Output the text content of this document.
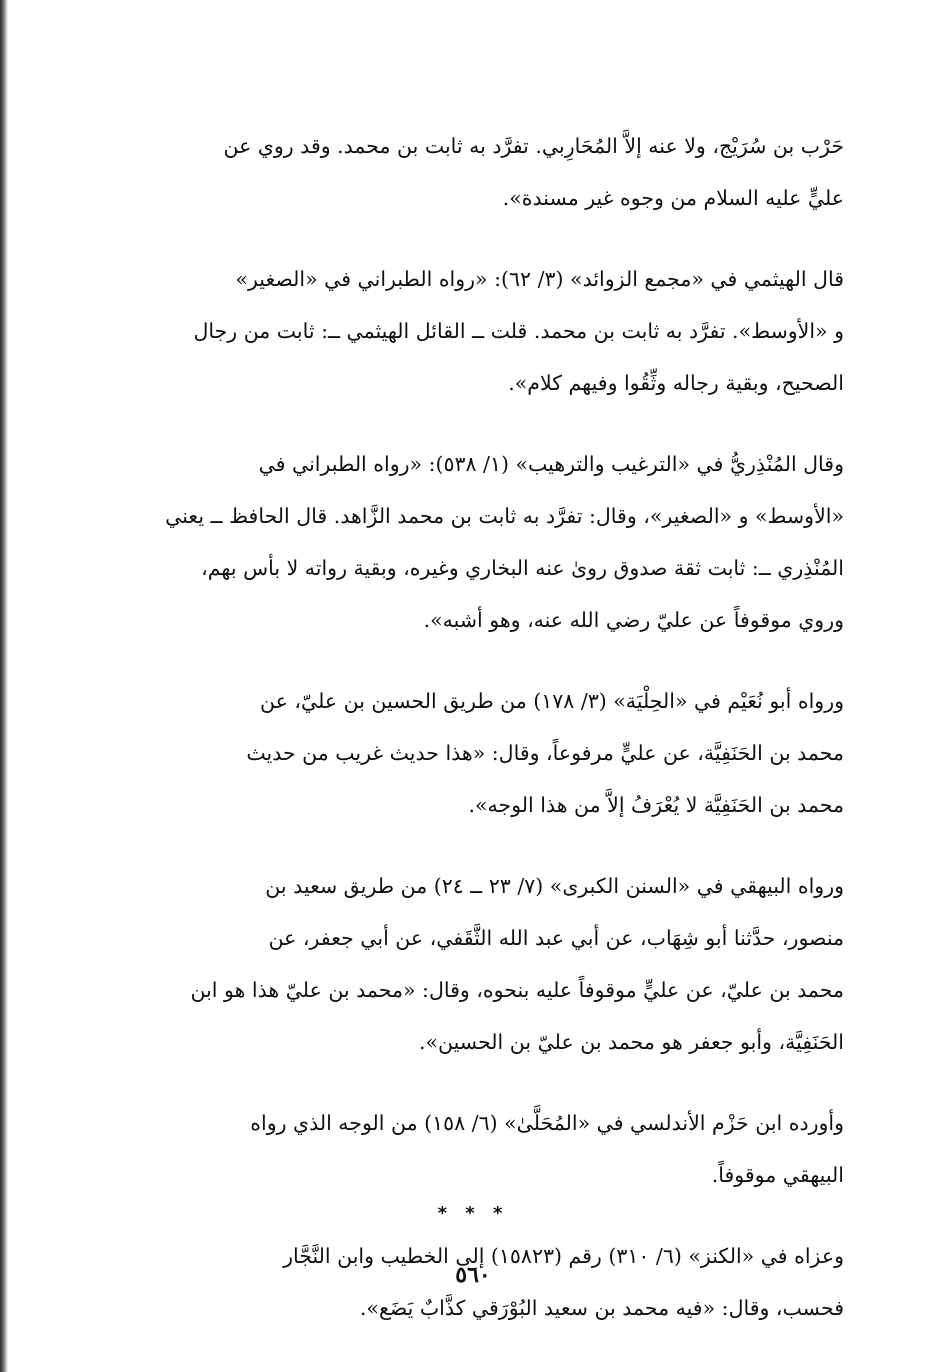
حَرْب بن سُرَيْج، ولا عنه إلاَّ المُحَارِبي. تفرَّد به ثابت بن محمد. وقد روي عن
عليٍّ عليه السلام من وجوه غير مسندة».

قال الهيثمي في «مجمع الزوائد» (٣/ ٦٢): «رواه الطبراني في «الصغير»
و «الأوسط». تفرَّد به ثابت بن محمد. قلت ــ القائل الهيثمي ــ: ثابت من رجال
الصحيح، وبقية رجاله وثِّقُوا وفيهم كلام».

وقال المُنْذِريُّ في «الترغيب والترهيب» (١/ ٥٣٨): «رواه الطبراني في
«الأوسط» و «الصغير»، وقال: تفرَّد به ثابت بن محمد الزَّاهد. قال الحافظ ــ يعني
المُنْذِري ــ: ثابت ثقة صدوق روىٰ عنه البخاري وغيره، وبقية رواته لا بأس بهم،
وروي موقوفاً عن عليّ رضي الله عنه، وهو أشبه».

ورواه أبو نُعَيْم في «الحِلْيَة» (٣/ ١٧٨) من طريق الحسين بن عليّ، عن
محمد بن الحَنَفِيَّة، عن عليٍّ مرفوعاً، وقال: «هذا حديث غريب من حديث
محمد بن الحَنَفِيَّة لا يُعْرَفُ إلاَّ من هذا الوجه».

ورواه البيهقي في «السنن الكبرى» (٧/ ٢٣ ــ ٢٤) من طريق سعيد بن
منصور، حدَّثنا أبو شِهَاب، عن أبي عبد الله الثَّقَفي، عن أبي جعفر، عن
محمد بن عليّ، عن عليٍّ موقوفاً عليه بنحوه، وقال: «محمد بن عليّ هذا هو ابن
الحَنَفِيَّة، وأبو جعفر هو محمد بن عليّ بن الحسين».

وأورده ابن حَزْم الأندلسي في «المُحَلَّىٰ» (٦/ ١٥٨) من الوجه الذي رواه
البيهقي موقوفاً.

وعزاه في «الكنز» (٦/ ٣١٠) رقم (١٥٨٢٣) إلى الخطيب وابن النَّجَّار
فحسب، وقال: «فيه محمد بن سعيد البُوْرَقي كذَّابٌ يَضَع».

* * *
٥٦٠
